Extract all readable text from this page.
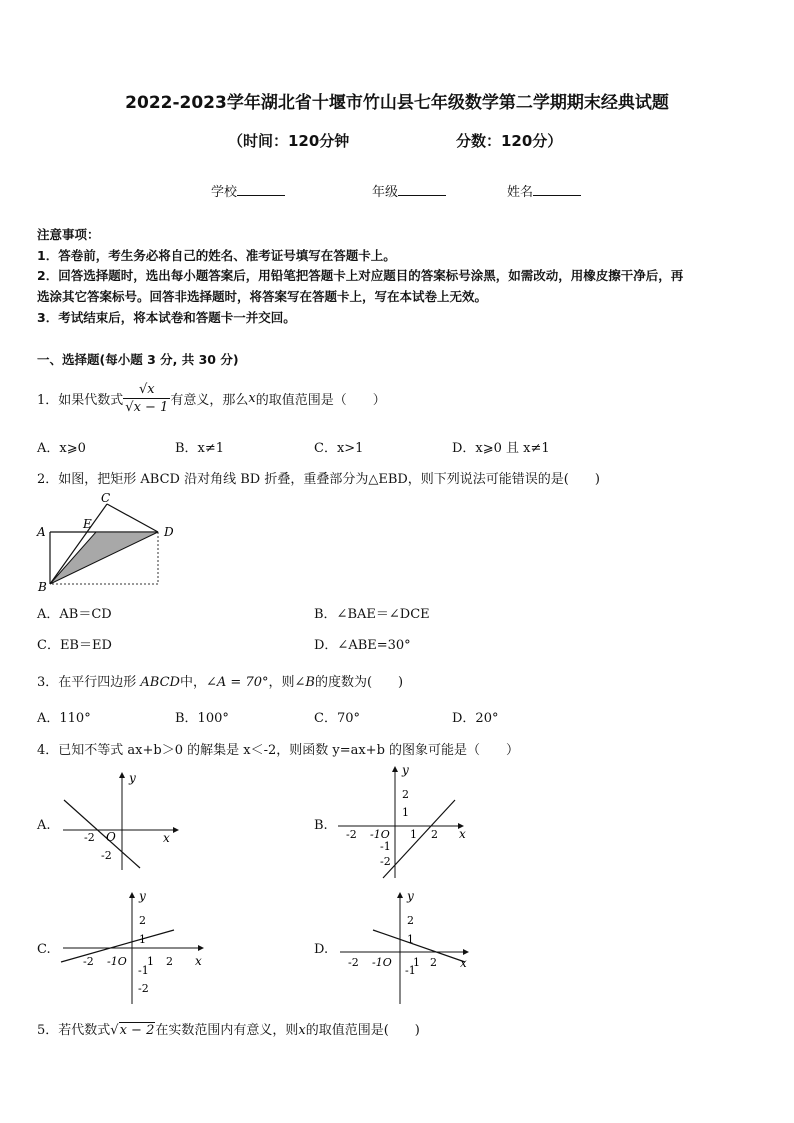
2022-2023学年湖北省十堰市竹山县七年级数学第二学期期末经典试题
（时间：120分钟	分数：120分）
学校	年级	姓名
注意事项：
1．答卷前，考生务必将自己的姓名、准考证号填写在答题卡上。
2．回答选择题时，选出每小题答案后，用铅笔把答题卡上对应题目的答案标号涂黑，如需改动，用橡皮擦干净后，再
选涂其它答案标号。回答非选择题时，将答案写在答题卡上，写在本试卷上无效。
3．考试结束后，将本试卷和答题卡一并交回。
一、选择题(每小题 3 分, 共 30 分)
1．如果代数式 $\frac{√x}{√x - 1}$ 有意义，那么 x 的取值范围是（　　）
A．x⩾0	B．x≠1	C．x>1	D．x⩾0 且 x≠1
2．如图，把矩形 ABCD 沿对角线 BD 折叠，重叠部分为△EBD，则下列说法可能错误的是(　　)
C
A
E
D
B
A．AB＝CD	B．∠BAE＝∠DCE
C．EB＝ED	D．∠ABE=30°
3．在平行四边形 ABCD中，∠A = 70°，则∠B的度数为(　　)
A．110°	B．100°	C．70°	D．20°
4．已知不等式 ax+b＞0 的解集是 x＜-2，则函数 y=ax+b 的图象可能是（　　）
A.
y
-2 O	x
-2
B.
y
2
1
-2 -1O 1 2 x
-1
-2
C.
y
2
1
-2 -1O 1 2 x
-1
-2
D.
y
2
1
-2 -1O 1 2 x
-1
5．若代数式√x − 2在实数范围内有意义，则x的取值范围是(　　)
